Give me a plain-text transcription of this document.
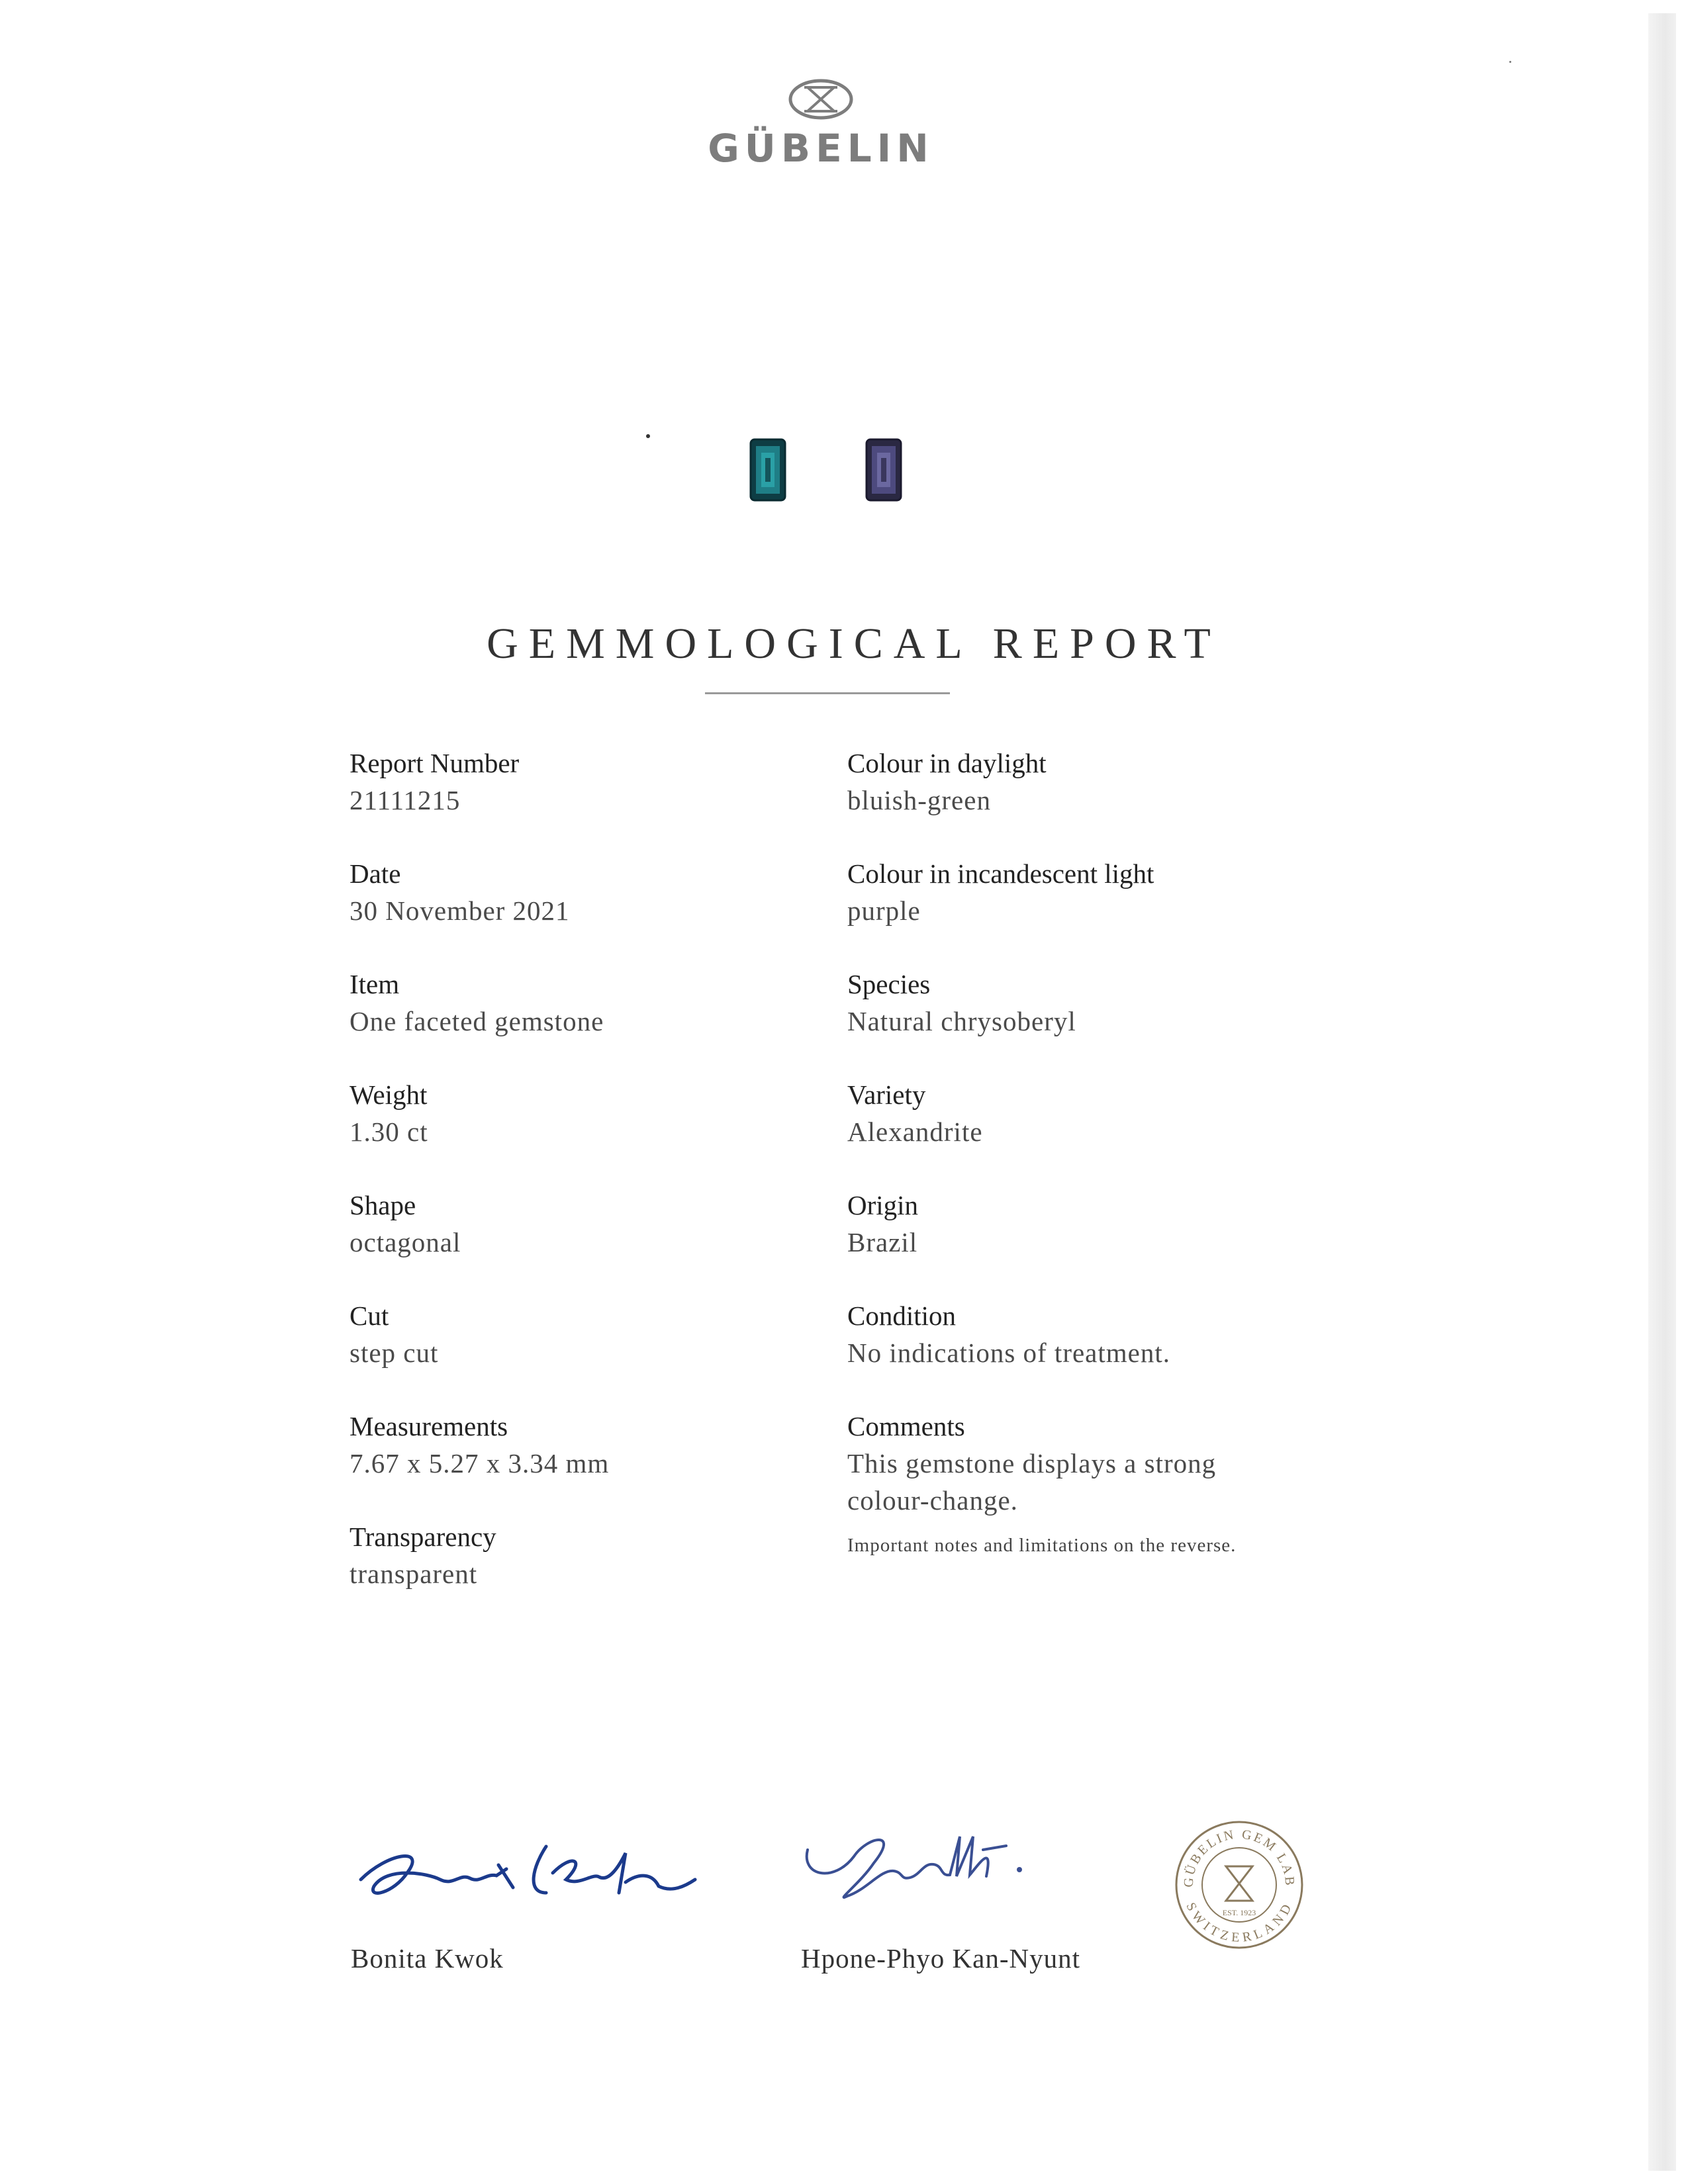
GÜBELIN
GEMMOLOGICAL REPORT
Report Number
21111215
Date
30 November 2021
Item
One faceted gemstone
Weight
1.30 ct
Shape
octagonal
Cut
step cut
Measurements
7.67 x 5.27 x 3.34 mm
Transparency
transparent
Colour in daylight
bluish-green
Colour in incandescent light
purple
Species
Natural chrysoberyl
Variety
Alexandrite
Origin
Brazil
Condition
No indications of treatment.
Comments
This gemstone displays a strong
colour-change.
Important notes and limitations on the reverse.
Bonita Kwok	Hpone-Phyo Kan-Nyunt
GÜBELIN GEM LAB
SWITZERLAND
EST. 1923
